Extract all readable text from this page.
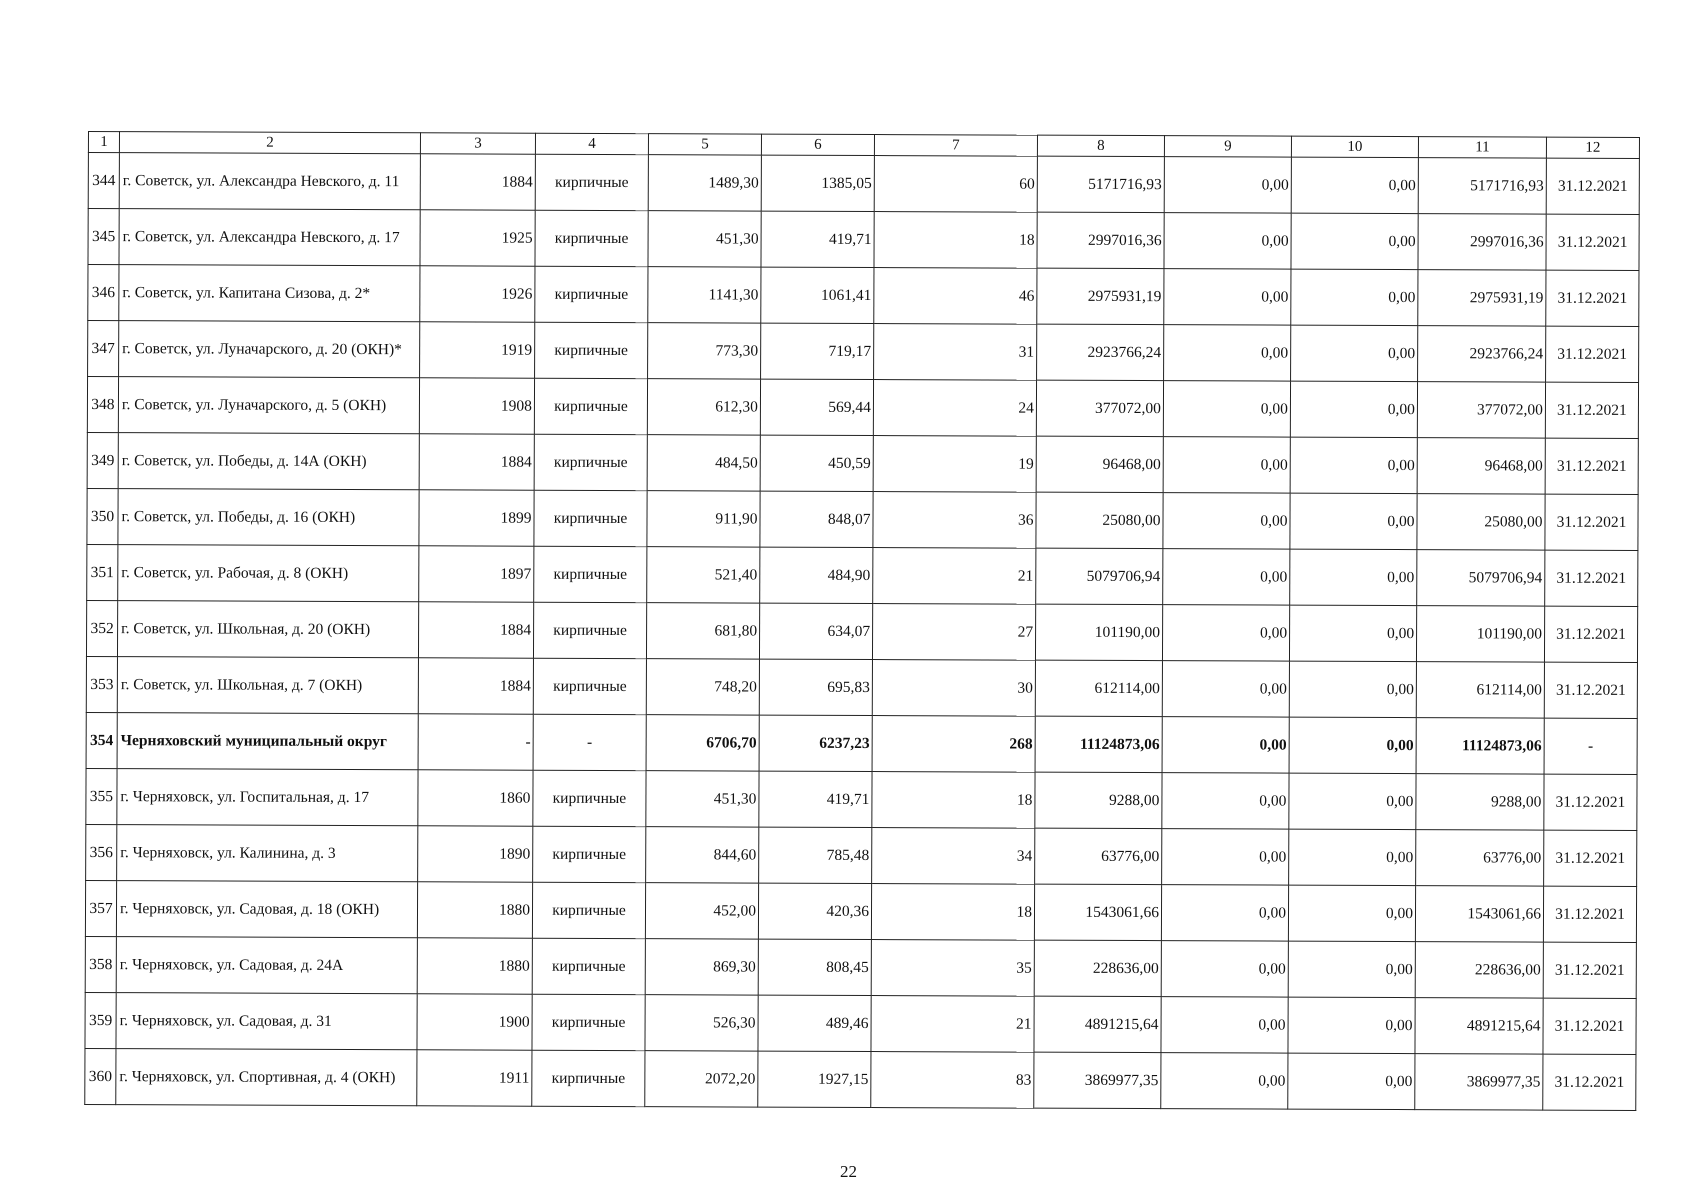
1	2	3	4	5	6	7	8	9	10	11	12
344	г. Советск, ул. Александра Невского, д. 11	1884	кирпичные	1489,30	1385,05	60	5171716,93	0,00	0,00	5171716,93	31.12.2021
345	г. Советск, ул. Александра Невского, д. 17	1925	кирпичные	451,30	419,71	18	2997016,36	0,00	0,00	2997016,36	31.12.2021
346	г. Советск, ул. Капитана Сизова, д. 2*	1926	кирпичные	1141,30	1061,41	46	2975931,19	0,00	0,00	2975931,19	31.12.2021
347	г. Советск, ул. Луначарского, д. 20 (ОКН)*	1919	кирпичные	773,30	719,17	31	2923766,24	0,00	0,00	2923766,24	31.12.2021
348	г. Советск, ул. Луначарского, д. 5 (ОКН)	1908	кирпичные	612,30	569,44	24	377072,00	0,00	0,00	377072,00	31.12.2021
349	г. Советск, ул. Победы, д. 14А (ОКН)	1884	кирпичные	484,50	450,59	19	96468,00	0,00	0,00	96468,00	31.12.2021
350	г. Советск, ул. Победы, д. 16 (ОКН)	1899	кирпичные	911,90	848,07	36	25080,00	0,00	0,00	25080,00	31.12.2021
351	г. Советск, ул. Рабочая, д. 8 (ОКН)	1897	кирпичные	521,40	484,90	21	5079706,94	0,00	0,00	5079706,94	31.12.2021
352	г. Советск, ул. Школьная, д. 20 (ОКН)	1884	кирпичные	681,80	634,07	27	101190,00	0,00	0,00	101190,00	31.12.2021
353	г. Советск, ул. Школьная, д. 7 (ОКН)	1884	кирпичные	748,20	695,83	30	612114,00	0,00	0,00	612114,00	31.12.2021
354	Черняховский муниципальный округ	-	-	6706,70	6237,23	268	11124873,06	0,00	0,00	11124873,06	-
355	г. Черняховск, ул. Госпитальная, д. 17	1860	кирпичные	451,30	419,71	18	9288,00	0,00	0,00	9288,00	31.12.2021
356	г. Черняховск, ул. Калинина, д. 3	1890	кирпичные	844,60	785,48	34	63776,00	0,00	0,00	63776,00	31.12.2021
357	г. Черняховск, ул. Садовая, д. 18 (ОКН)	1880	кирпичные	452,00	420,36	18	1543061,66	0,00	0,00	1543061,66	31.12.2021
358	г. Черняховск, ул. Садовая, д. 24А	1880	кирпичные	869,30	808,45	35	228636,00	0,00	0,00	228636,00	31.12.2021
359	г. Черняховск, ул. Садовая, д. 31	1900	кирпичные	526,30	489,46	21	4891215,64	0,00	0,00	4891215,64	31.12.2021
360	г. Черняховск, ул. Спортивная, д. 4 (ОКН)	1911	кирпичные	2072,20	1927,15	83	3869977,35	0,00	0,00	3869977,35	31.12.2021
22
